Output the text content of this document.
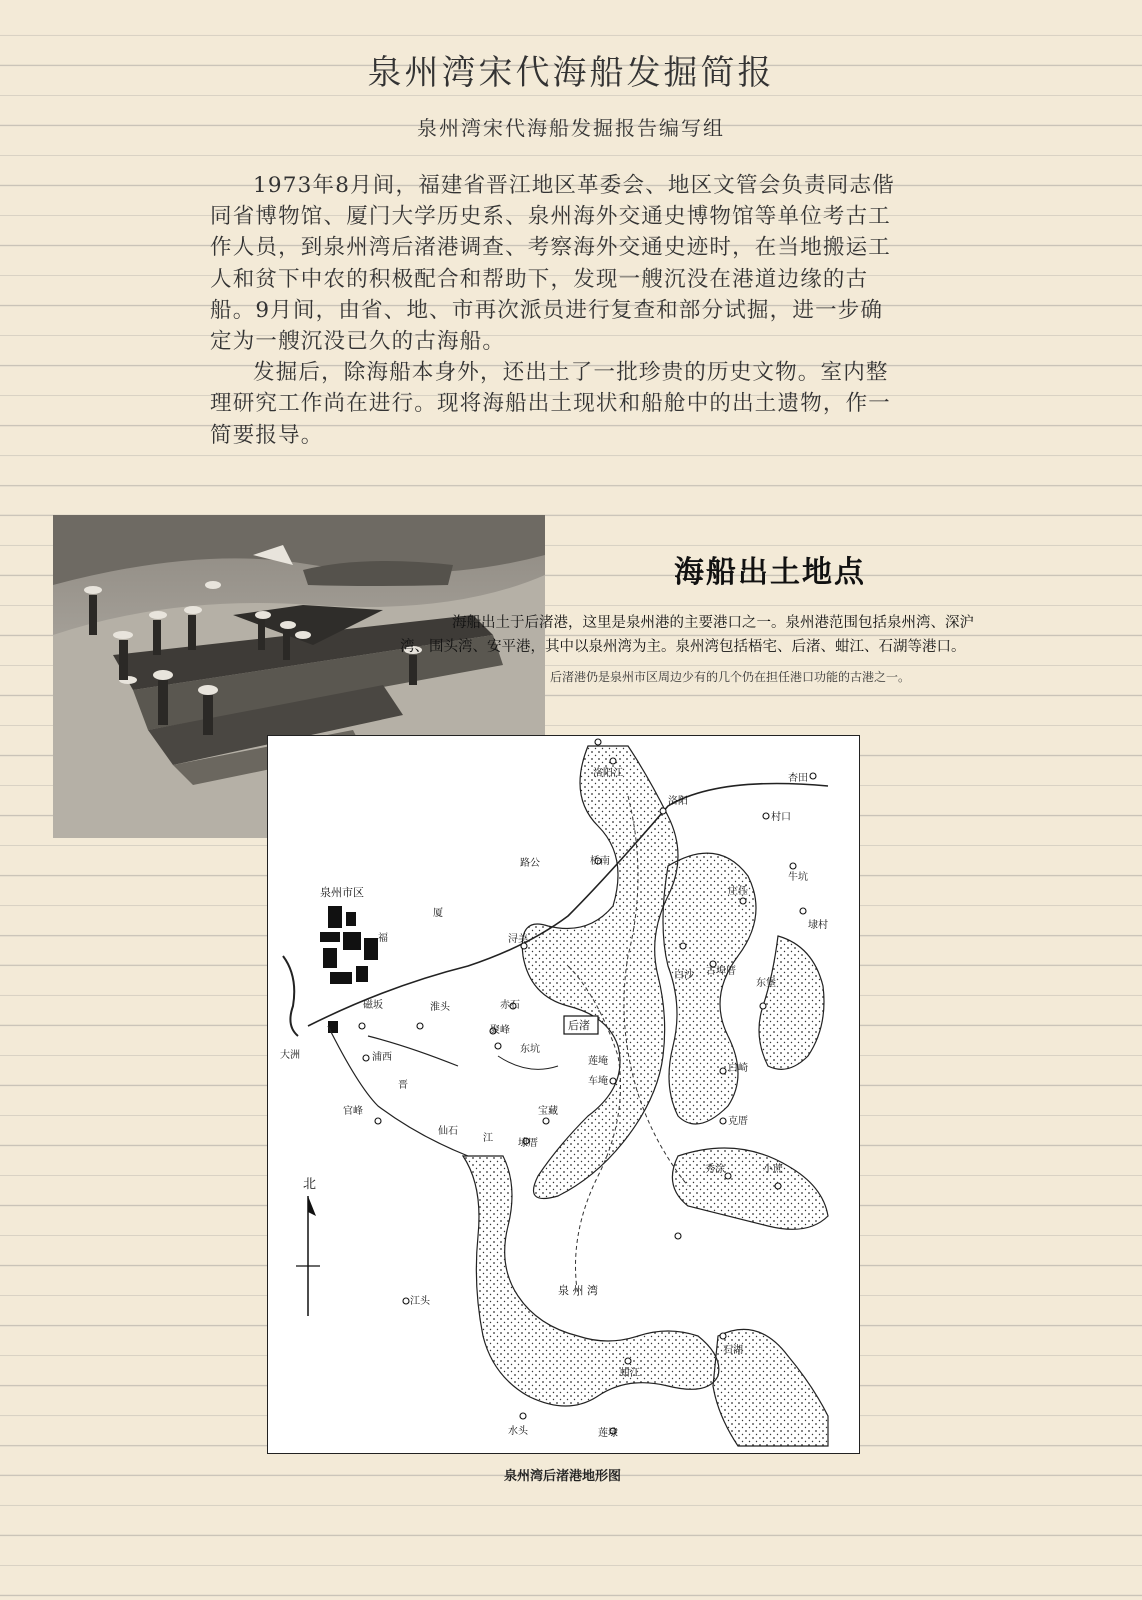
泉州湾宋代海船发掘简报
泉州湾宋代海船发掘报告编写组

1973年8月间，福建省晋江地区革委会、地区文管会负责同志偕同省博物馆、厦门大学历史系、泉州海外交通史博物馆等单位考古工作人员，到泉州湾后渚港调查、考察海外交通史迹时，在当地搬运工人和贫下中农的积极配合和帮助下，发现一艘沉没在港道边缘的古船。9月间，由省、地、市再次派员进行复查和部分试掘，进一步确定为一艘沉没已久的古海船。

发掘后，除海船本身外，还出土了一批珍贵的历史文物。室内整理研究工作尚在进行。现将海船出土现状和船舱中的出土遗物，作一简要报导。

海船出土地点

海船出土于后渚港，这里是泉州港的主要港口之一。泉州港范围包括泉州湾、深沪

湾、围头湾、安平港，其中以泉州湾为主。泉州湾包括梧宅、后渚、蚶江、石湖等港口。

后渚港仍是泉州市区周边少有的几个仍在担任港口功能的古港之一。
泉州市区
北
洛阳
村口
杏田
牛坑
庄任
桥南
埭村
古埠厝
白沙
东堡
浔美
赤石
后渚
福
厦
路公
淮头
浦西
磁坂
大洲
官峰
仙石
聚峰
东坑
莲埯
车埯
宝藏
埭厝
白崎
克厝
秀涂	小蔗
江头
石湖
蚶江
水头	莲埭
泉 州 湾
晋
江
洛阳江
泉州湾后渚港地形图
